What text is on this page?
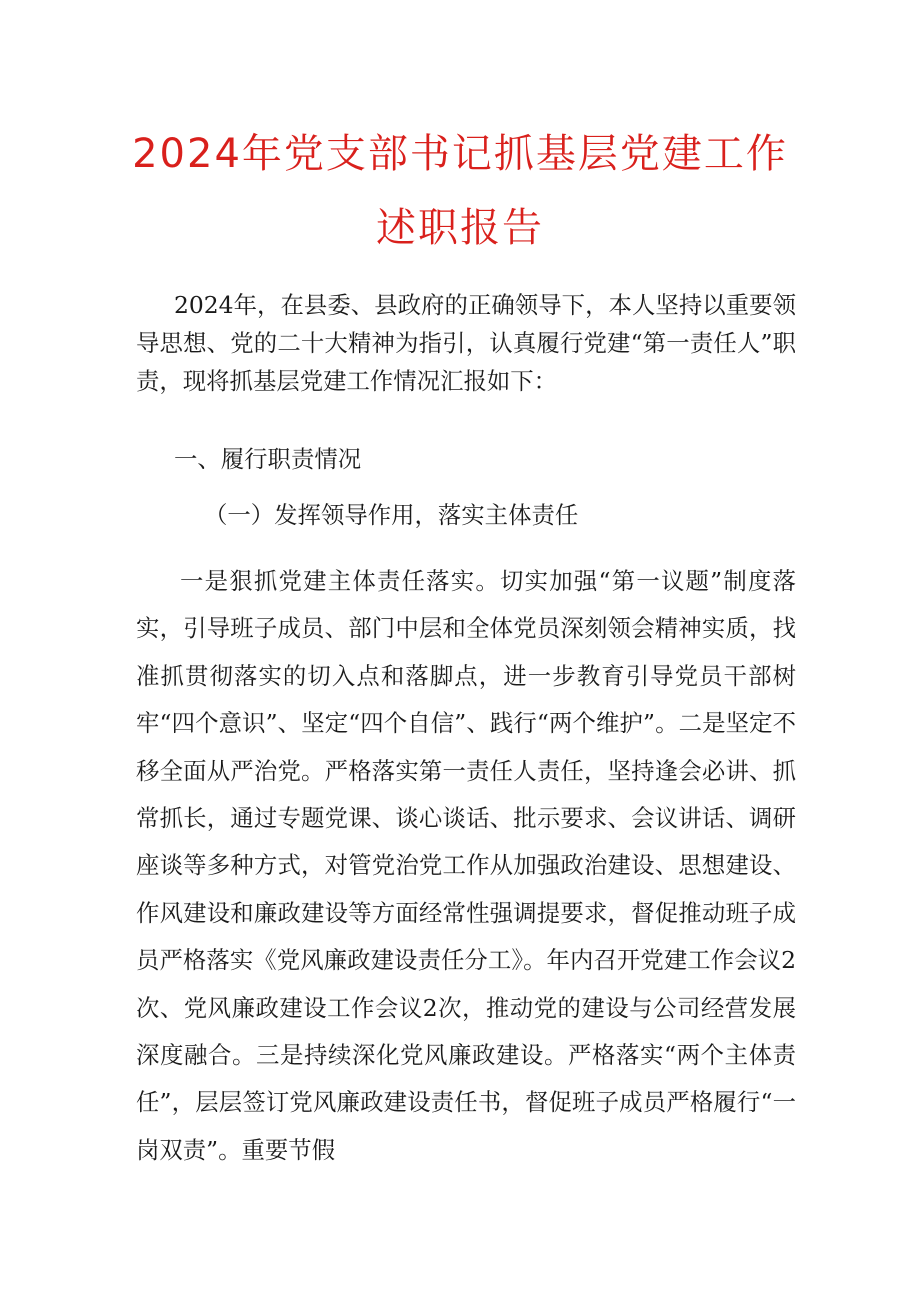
2024年党支部书记抓基层党建工作
述职报告
2024年，在县委、县政府的正确领导下，本人坚持以重要领导思想、党的二十大精神为指引，认真履行党建“第一责任人”职责，现将抓基层党建工作情况汇报如下：
一、履行职责情况
（一）发挥领导作用，落实主体责任
一是狠抓党建主体责任落实。切实加强“第一议题”制度落实，引导班子成员、部门中层和全体党员深刻领会精神实质，找准抓贯彻落实的切入点和落脚点，进一步教育引导党员干部树牢“四个意识”、坚定“四个自信”、践行“两个维护”。二是坚定不移全面从严治党。严格落实第一责任人责任，坚持逢会必讲、抓常抓长，通过专题党课、谈心谈话、批示要求、会议讲话、调研座谈等多种方式，对管党治党工作从加强政治建设、思想建设、作风建设和廉政建设等方面经常性强调提要求，督促推动班子成员严格落实《党风廉政建设责任分工》。年内召开党建工作会议2次、党风廉政建设工作会议2次，推动党的建设与公司经营发展深度融合。三是持续深化党风廉政建设。严格落实“两个主体责任”，层层签订党风廉政建设责任书，督促班子成员严格履行“一岗双责”。重要节假
